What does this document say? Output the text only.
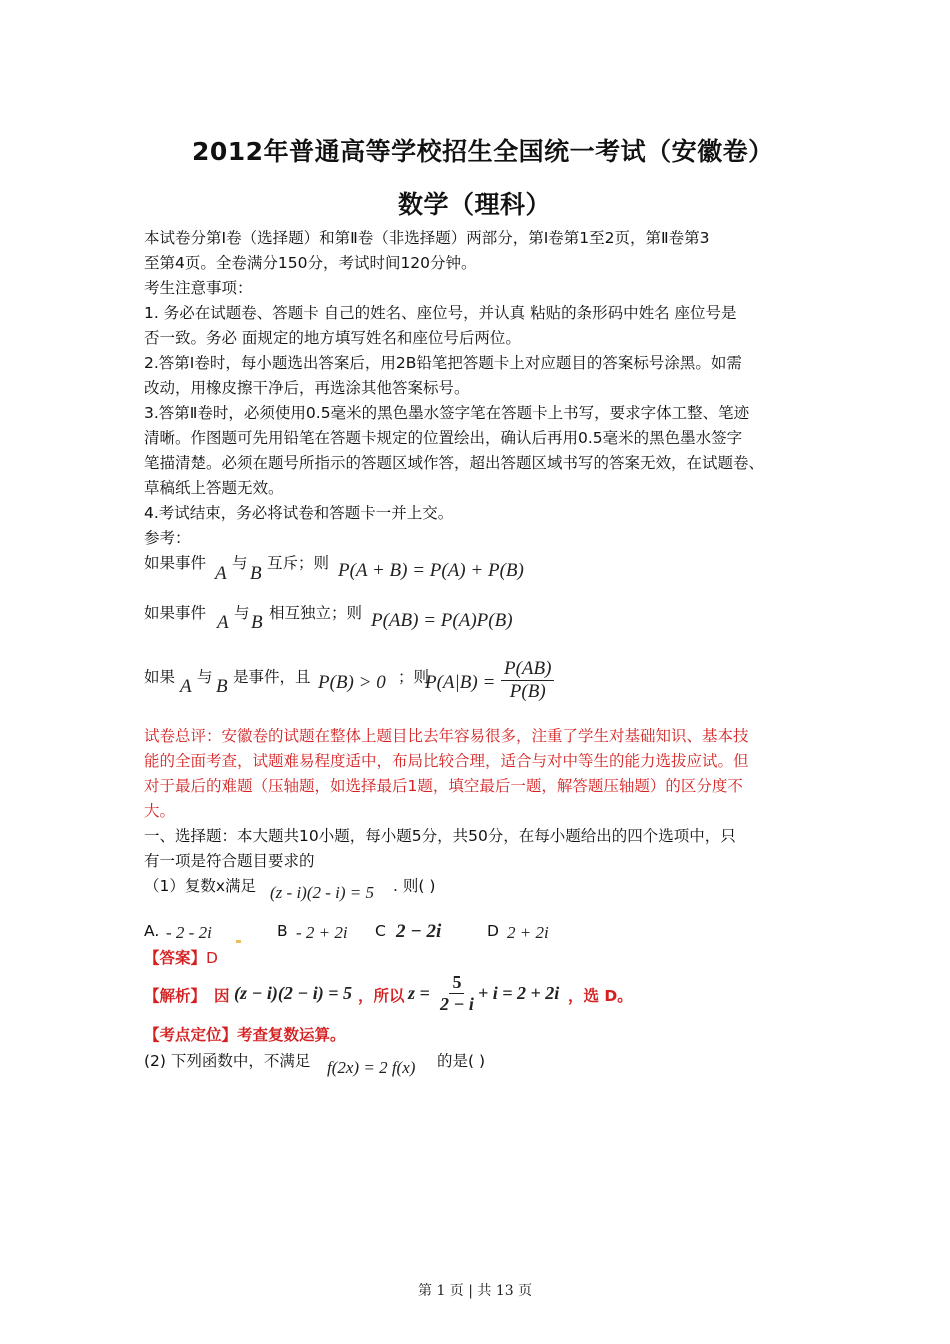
2012年普通高等学校招生全国统一考试（安徽卷）
数学（理科）
本试卷分第Ⅰ卷（选择题）和第Ⅱ卷（非选择题）两部分，第Ⅰ卷第1至2页，第Ⅱ卷第3
至第4页。全卷满分150分，考试时间120分钟。
考生注意事项：
1. 务必在试题卷、答题卡 自己的姓名、座位号，并认真 粘贴的条形码中姓名 座位号是
否一致。务必 面规定的地方填写姓名和座位号后两位。
2.答第Ⅰ卷时，每小题选出答案后，用2B铅笔把答题卡上对应题目的答案标号涂黑。如需
改动，用橡皮擦干净后，再选涂其他答案标号。
3.答第Ⅱ卷时，必须使用0.5毫米的黑色墨水签字笔在答题卡上书写，要求字体工整、笔迹
清晰。作图题可先用铅笔在答题卡规定的位置绘出，确认后再用0.5毫米的黑色墨水签字
笔描清楚。必须在题号所指示的答题区域作答，超出答题区域书写的答案无效，在试题卷、
草稿纸上答题无效。
4.考试结束，务必将试卷和答题卡一并上交。
参考：
如果事件 A 与 B 互斥；则 P(A + B) = P(A) + P(B)
如果事件 A 与 B 相互独立；则 P(AB) = P(A)P(B)
如果 A 与 B 是事件，且 P(B) > 0 ；则
$P(A|B) = \frac{P(AB)}{P(B)}$
试卷总评：安徽卷的试题在整体上题目比去年容易很多，注重了学生对基础知识、基本技
能的全面考查，试题难易程度适中，布局比较合理，适合与对中等生的能力选拔应试。但
对于最后的难题（压轴题，如选择最后1题，填空最后一题，解答题压轴题）的区分度不
大。
一、选择题：本大题共10小题，每小题5分，共50分，在每小题给出的四个选项中，只
有一项是符合题目要求的
（1）复数x满足 (z - i)(2 - i) = 5 . 则( )
A. - 2 - 2i	B - 2 + 2i C 2 − 2i	D 2 + 2i
【答案】D
【解析】 因 (z − i)(2 − i) = 5 ，所以 $z = \frac{5}{2 - i} + i = 2 + 2i$ ，选 D。
【考点定位】考查复数运算。
(2) 下列函数中，不满足 f(2x) = 2 f(x) 的是( )
第 1 页 | 共 13 页
